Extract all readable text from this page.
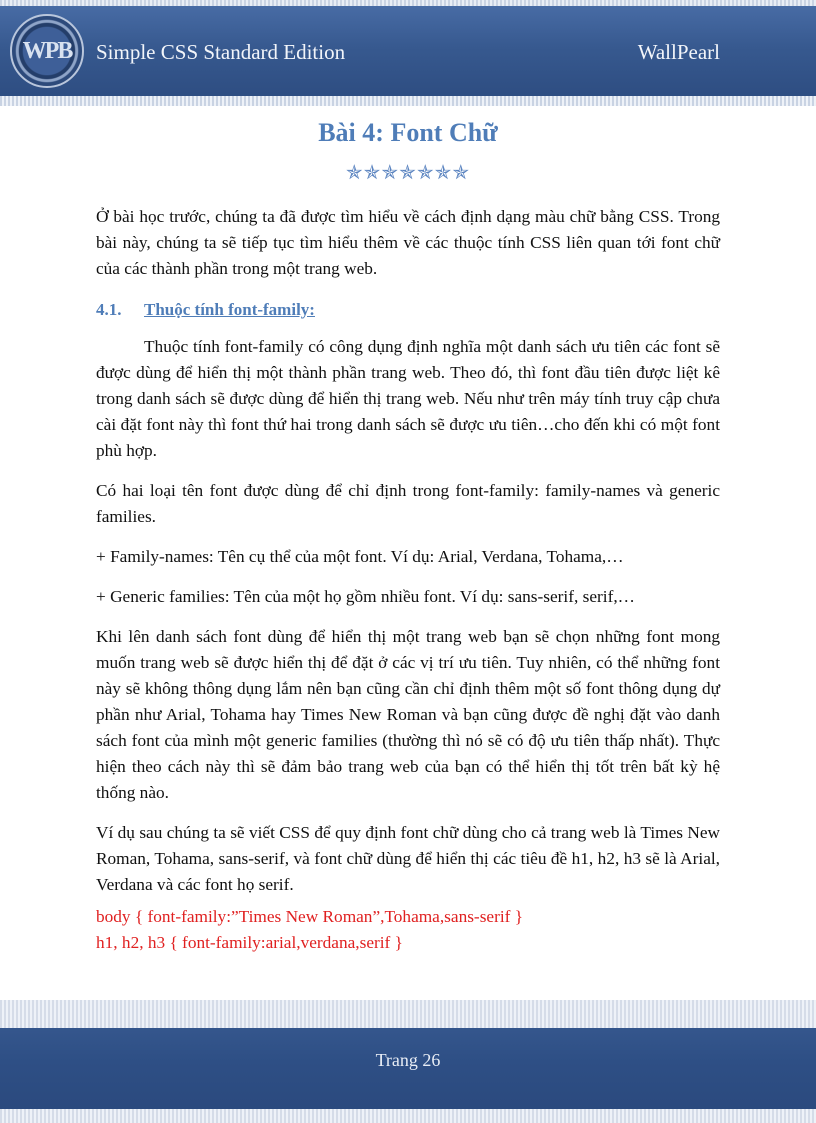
WPB	Simple CSS Standard Edition	WallPearl
Bài 4: Font Chữ
✯✯✯✯✯✯✯

Ở bài học trước, chúng ta đã được tìm hiểu về cách định dạng màu chữ bằng CSS. Trong bài này, chúng ta sẽ tiếp tục tìm hiểu thêm về các thuộc tính CSS liên quan tới font chữ của các thành phần trong một trang web.

4.1. Thuộc tính font-family:

Thuộc tính font-family có công dụng định nghĩa một danh sách ưu tiên các font sẽ được dùng để hiển thị một thành phần trang web. Theo đó, thì font đầu tiên được liệt kê trong danh sách sẽ được dùng để hiển thị trang web. Nếu như trên máy tính truy cập chưa cài đặt font này thì font thứ hai trong danh sách sẽ được ưu tiên…cho đến khi có một font phù hợp.

Có hai loại tên font được dùng để chỉ định trong font-family: family-names và generic families.

+ Family-names: Tên cụ thể của một font. Ví dụ: Arial, Verdana, Tohama,…

+ Generic families: Tên của một họ gồm nhiều font. Ví dụ: sans-serif, serif,…

Khi lên danh sách font dùng để hiển thị một trang web bạn sẽ chọn những font mong muốn trang web sẽ được hiển thị để đặt ở các vị trí ưu tiên. Tuy nhiên, có thể những font này sẽ không thông dụng lắm nên bạn cũng cần chỉ định thêm một số font thông dụng dự phần như Arial, Tohama hay Times New Roman và bạn cũng được đề nghị đặt vào danh sách font của mình một generic families (thường thì nó sẽ có độ ưu tiên thấp nhất). Thực hiện theo cách này thì sẽ đảm bảo trang web của bạn có thể hiển thị tốt trên bất kỳ hệ thống nào.

Ví dụ sau chúng ta sẽ viết CSS để quy định font chữ dùng cho cả trang web là Times New Roman, Tohama, sans-serif, và font chữ dùng để hiển thị các tiêu đề h1, h2, h3 sẽ là Arial, Verdana và các font họ serif.

body { font-family:”Times New Roman”,Tohama,sans-serif }

h1, h2, h3 { font-family:arial,verdana,serif }

Trang 26
